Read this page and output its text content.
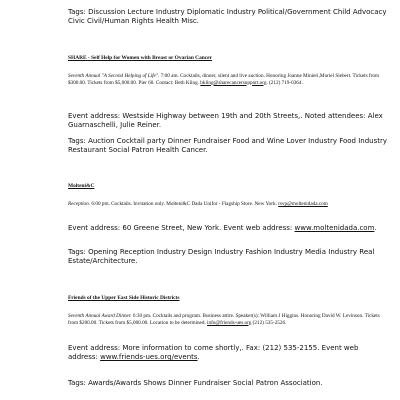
Tags: Discussion Lecture Industry Diplomatic Industry Political/Government Child Advocacy Civic Civil/Human Rights Health Misc.

SHARE - Self Help for Women with Breast or Ovarian Cancer

Seventh Annual "A Second Helping of Life". 7:00 am. Cocktails, dinner, silent and live auction. Honoring Joanne Minieri,Muriel Siebert. Tickets from $300.00. Tickets from $5,000.00. Pier 60. Contact: Beth Kling. bkling@sharecancersupport.org. (212) 719-0364.

Event address: Westside Highway between 19th and 20th Streets,. Noted attendees: Alex Guarnaschelli, Julie Reiner.

Tags: Auction Cocktail party Dinner Fundraiser Food and Wine Lover Industry Food Industry Restaurant Social Patron Health Cancer.

Molteni&C

Reception. 6:00 pm. Cocktails. Invitation only. Molteni&C Dada Unifor - Flagship Store. New York. rsvp@moltenidada.com

Event address: 60 Greene Street, New York. Event web address: www.moltenidada.com.

Tags: Opening Reception Industry Design Industry Fashion Industry Media Industry Real Estate/Architecture.

Friends of the Upper East Side Historic Districts

Seventh Annual Award Dinner. 6:30 pm. Cocktails and program. Business attire. Speaker(s): William J Higgins. Honoring David W. Levinson. Tickets from $200.00. Tickets from $5,000.00. Location to be determined. info@friends-ues.org (212) 535-2526.

Event address: More information to come shortly,. Fax: (212) 535-2155. Event web address: www.friends-ues.org/events.

Tags: Awards/Awards Shows Dinner Fundraiser Social Patron Association.
